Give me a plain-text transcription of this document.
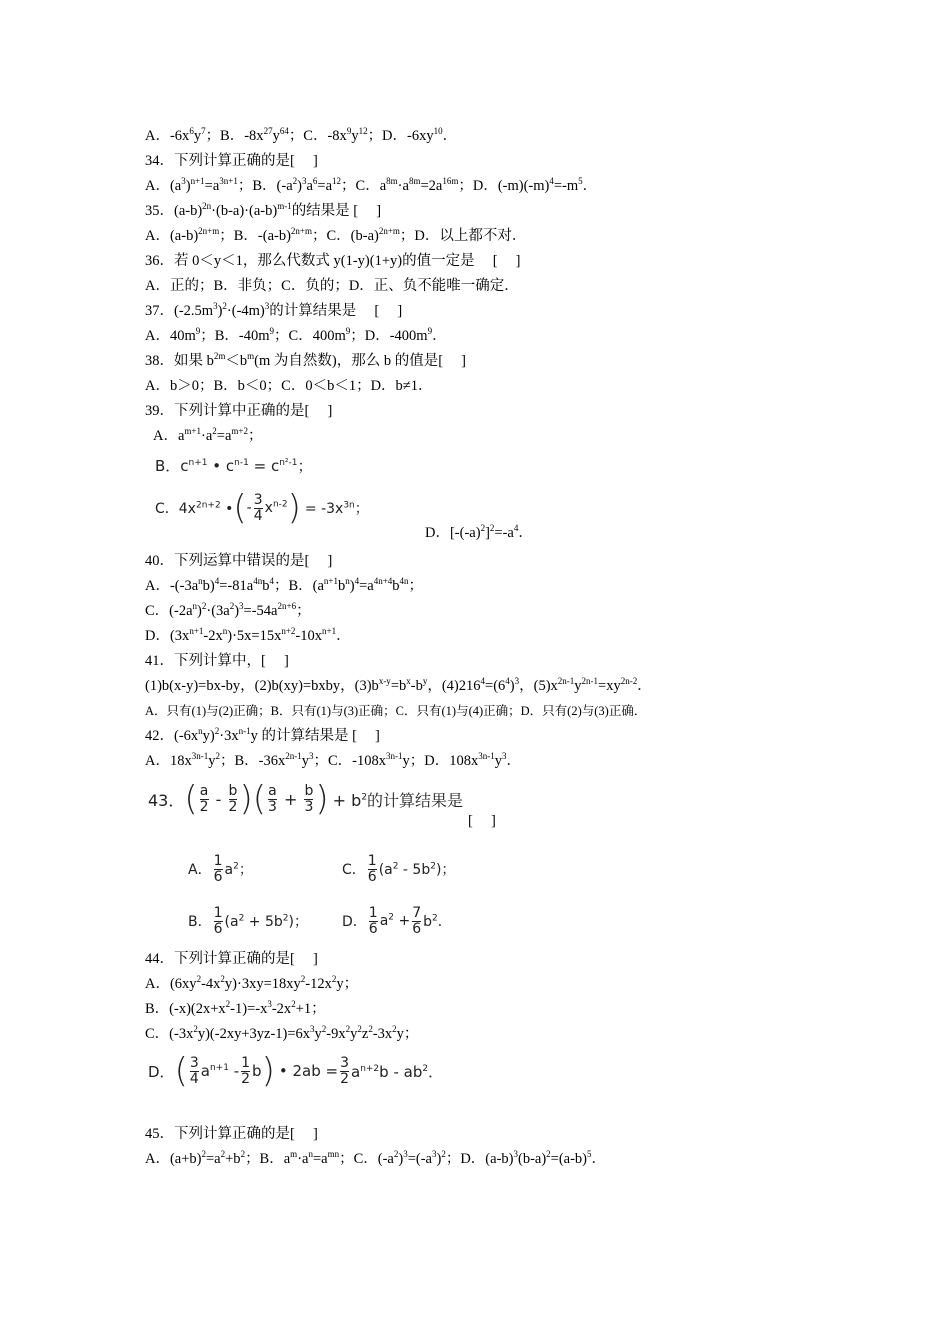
A．$-6x^6y^7$；B．$-8x^{27}y^{64}$；C．$-8x^9y^{12}$；D．$-6xy^{10}$．
34．下列计算正确的是[　 ]
A．$(a^3)^{n+1}=a^{3n+1}$；B．$(-a^2)^3a^6=a^{12}$；C．$a^{8m}\cdot a^{8m}=2a^{16m}$；D．$(-m)(-m)^4=-m^5$．
35．$(a-b)^{2n}\cdot(b-a)\cdot(a-b)^{m-1}$的结果是 [　 ]
A．$(a-b)^{2n+m}$；B．$-(a-b)^{2n+m}$；C．$(b-a)^{2n+m}$；D．以上都不对．
36．若 0＜y＜1，那么代数式 y(1-y)(1+y)的值一定是　 [　 ]
A．正的；B．非负；C．负的；D．正、负不能唯一确定．
37．$(-2.5m^3)^2\cdot(-4m)^3$的计算结果是　 [　 ]
A．$40m^9$；B．$-40m^9$；C．$400m^9$；D．$-400m^9$．
38．如果 $b^{2m}<b^m(m$ 为自然数)，那么 b 的值是[　 ]
A．b＞0；B．b＜0；C．0＜b＜1；D．b≠1．
39．下列计算中正确的是[　 ]
A．$a^{m+1}\cdot a^2=a^{m+2}$；
B．$c^{n+1}$ • $c^{n-1} = c^{n^2-1}$；
C．$4x^{2n+2}$ • ( - $\frac{3}{4} x^{n-2}$ ) = $-3x^{3n}$；
D．$[-(-a)^2]^2=-a^4$．
40．下列运算中错误的是[　 ]
A．$-(-3a^nb)^4=-81a^{4n}b^4$；B．$(a^{n+1}b^n)^4=a^{4n+4}b^{4n}$；
C．$(-2a^n)^2\cdot(3a^2)^3=-54a^{2n+6}$；
D．$(3x^{n+1}-2x^n)\cdot 5x=15x^{n+2}-10x^{n+1}$．
41．下列计算中，[　 ]
(1)b(x-y)=bx-by，(2)b(xy)=bxby，$(3)b^{x-y}=b^x-b^y$，$(4)216^4=(6^4)^3$，$(5)x^{2n-1}y^{2n-1}=xy^{2n-2}$．
A．只有(1)与(2)正确；B．只有(1)与(3)正确；C．只有(1)与(4)正确；D．只有(2)与(3)正确．
42．$(-6x^ny)^2\cdot 3x^{n-1}y$ 的计算结果是 [　 ]
A．$18x^{3n-1}y^2$；B．$-36x^{2n-1}y^3$；C．$-108x^{3n-1}y$；D．$108x^{3n-1}y^3$．
43． ( $\frac{a}{2} - \frac{b}{2}$ ) ( $\frac{a}{3} + \frac{b}{3}$ ) + $b^2$的计算结果是
[　 ]
A． $\frac{1}{6} a^2$；	C． $\frac{1}{6} (a^2 - 5b^2)$；
B． $\frac{1}{6} (a^2 + 5b^2)$； D． $\frac{1}{6} a^2 + \frac{7}{6} b^2$．
44．下列计算正确的是[　 ]
A．$(6xy^2-4x^2y)\cdot 3xy=18xy^2-12x^2y$；
B．$(-x)(2x+x^2-1)=-x^3-2x^2+1$；
C．$(-3x^2y)(-2xy+3yz-1)=6x^3y^2-9x^2y^2z^2-3x^2y$；
D． ( $\frac{3}{4} a^{n+1} - \frac{1}{2}$ b ) • $2ab = \frac{3}{2} a^{n+2}b - ab^2$．
45．下列计算正确的是[　 ]
A．$(a+b)^2=a^2+b^2$；B．$a^m\cdot a^n=a^{mn}$；C．$(-a^2)^3=(-a^3)^2$；D．$(a-b)^3(b-a)^2=(a-b)^5$．
